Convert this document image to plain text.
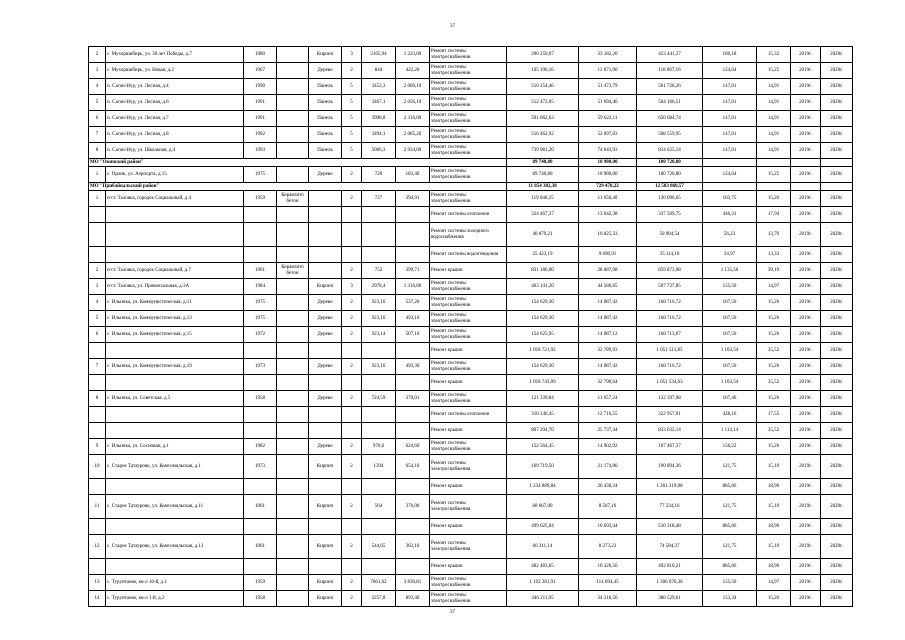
37
2	с. Мухоршибирь, ул. 30 лет Победы, д.7	1980		Кирпич	3	2165,94	1 223,00	Ремонт системы электроснабжения	390 259,07	33 182,20	423 441,27	180,18	15,32	2019г.	2020г.
3	с. Мухоршибирь, ул. Новая, д.2	1967		Дерево	2	844	422,20	Ремонт системы электроснабжения	105 196,16	12 871,00	118 067,16	124,64	15,25	2019г.	2020г.
4	п. Саган-Нур, ул. Лесная, д.4	1990		Панель	5	3452,3	2 060,10	Ремонт системы электроснабжения	510 254,46	51 473,79	561 728,26	147,81	14,91	2019г.	2020г.
5	п. Саган-Нур, ул. Лесная, д.6	1991		Панель	5	3467,1	2 056,10	Ремонт системы электроснабжения	512 472,05	51 694,46	564 166,51	147,81	14,91	2019г.	2020г.
6	п. Саган-Нур, ул. Лесная, д.7	1991		Панель	5	3998,8	2 316,00	Ремонт системы электроснабжения	591 062,63	59 622,11	650 684,74	147,81	14,91	2019г.	2020г.
7	п. Саган-Нур, ул. Лесная, д.8	1992		Панель	5	3494,1	2 085,20	Ремонт системы электроснабжения	516 462,92	52 097,03	568 559,95	147,81	14,91	2019г.	2020г.
8	п. Саган-Нур, ул. Школьная, д.4	1993		Панель	5	5006,3	2 934,00	Ремонт системы электроснабжения	739 981,20	74 643,93	814 625,14	147,81	14,91	2019г.	2020г.
МО "Окинский район"									89 740,80	10 980,00	100 720,80				
1	с. Орлик, ул. Аэрпорта, д.15	1975		Дерево	2	720	183,40	Ремонт системы электроснабжения	89 740,80	10 980,00	100 720,80	124,64	15,25	2019г.	2020г.
МО "Прибайкальский район"									11 854 382,38	729 478,22	12 583 860,57				
1	п/ст. Таловка, городок Социальный, д.4	1959	Керамзито бетон		2	727	394,91	Ремонт системы электроснабжения	119 046,25	11 050,40	130 096,65	163,75	15,20	2019г.	2020г.
								Ремонт системы отопления	324 467,37	13 042,38	337 509,75	446,31	17,94	2019г.	2020г.
								Ремонт системы холодного водоснабжения	40 879,21	10 025,33	50 904,54	56,23	13,79	2019г.	2020г.
								Ремонт системы водоотведения	25 423,19	9 690,91	35 114,10	34,97	13,33	2019г.	2020г.
2	п/ст. Таловка, городок Социальный, д.7	1961	Керамзито бетон		2	752	399,71	Ремонт крыши	831 186,00	28 687,08	859 873,08	1 135,50	39,19	2019г.	2020г.
3	п/ст. Таловка, ул. Привокзальная, д.3А	1984		Кирпич	3	2978,4	1 316,80	Ремонт системы электроснабжения	463 141,20	44 586,65	507 727,85	155,50	14,97	2019г.	2020г.
4	с. Ильинка, ул. Коммунистическая, д.11	1975		Дерево	2	923,16	537,20	Ремонт системы электроснабжения	154 629,30	14 087,42	168 716,72	167,50	15,26	2019г.	2020г.
5	с. Ильинка, ул. Коммунистическая, д.13	1975		Дерево	2	923,16	493,10	Ремонт системы электроснабжения	154 629,30	14 087,42	168 716,72	167,50	15,26	2019г.	2020г.
6	с. Ильинка, ул. Коммунистическая, д.15	1972		Дерево	2	923,14	507,10	Ремонт системы электроснабжения	154 625,95	14 087,12	168 713,07	167,50	15,26	2019г.	2020г.
								Ремонт крыши	1 018 721,92	32 789,93	1 051 511,85	1 103,54	35,52	2019г.	2020г.
7	с. Ильинка, ул. Коммунистическая, д.19	1973		Дерево	2	923,16	493,30	Ремонт системы электроснабжения	154 629,30	14 087,42	168 716,72	167,50	15,26	2019г.	2020г.
								Ремонт крыши	1 018 743,09	32 790,64	1 051 534,63	1 103,54	35,52	2019г.	2020г.
8	с. Ильинка, ул. Советская, д.5	1958		Дерево	2	724,59	370,01	Ремонт системы электроснабжения	121 339,84	11 057,24	132 397,08	167,46	15,26	2019г.	2020г.
								Ремонт системы отопления	310 240,45	12 716,55	322 957,01	428,16	17,55	2019г.	2020г.
								Ремонт крыши	807 294,70	25 737,44	833 032,14	1 114,14	35,52	2019г.	2020г.
9	с. Ильинка, ул. Сосновая, д.1	1982		Дерево	2	976,6	624,60	Ремонт системы электроснабжения	152 564,45	14 902,92	167 467,37	156,22	15,26	2019г.	2020г.
10	с. Старое Татаурово, ул. Комсомольская, д.1	1973		Кирпич	2	1394	654,10	Ремонт системы электроснабжения	169 719,50	21 174,86	190 894,36	121,75	15,19	2019г.	2020г.
								Ремонт крыши	1 234 889,84	26 430,24	1 261 319,08	885,86	18,96	2019г.	2020г.
11	с. Старое Татаурово, ул. Комсомольская, д.11	1961		Кирпич	2	564	376,00	Ремонт системы электроснабжения	68 667,00	8 567,16	77 234,16	121,75	15,19	2019г.	2020г.
								Ремонт крыши	499 625,04	10 693,44	510 318,48	885,86	18,96	2019г.	2020г.
12	с. Старое Татаурово, ул. Комсомольская, д.13	1961		Кирпич	2	544,65	363,10	Ремонт системы электроснабжения	66 311,14	8 273,23	74 584,37	121,75	15,19	2019г.	2020г.
								Ремонт крыши	482 483,65	10 326,56	492 810,21	885,86	18,96	2019г.	2020г.
13	с. Турунтаево, кв-л 16-й, д.1	1959		Кирпич	2	7661,62	3 830,81	Ремонт системы электроснабжения	1 192 381,91	114 694,45	1 306 076,36	155,50	14,97	2019г.	2020г.
14	с. Турунтаево, кв-л 1-й, д.2	1958		Кирпич	2	2257,8	893,40	Ремонт системы электроснабжения	346 211,05	34 318,56	380 529,61	153,34	15,20	2019г.	2020г.
37
